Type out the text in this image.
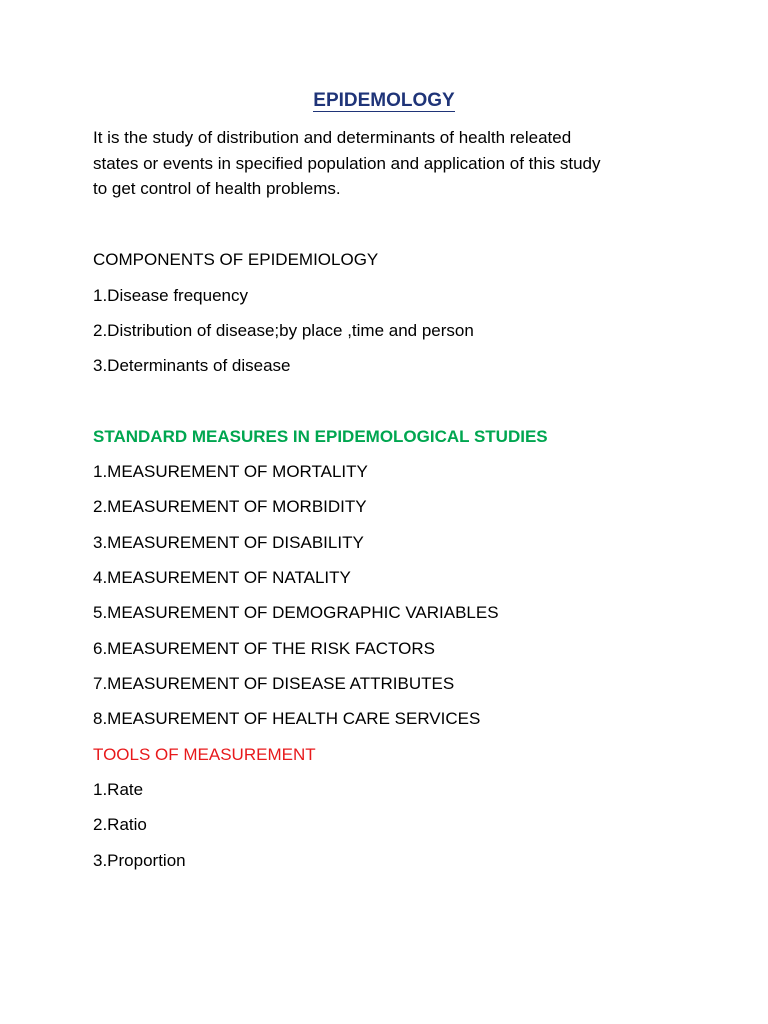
EPIDEMOLOGY
It is the study of distribution and determinants of health releated
states or events in specified population and application of this study
to get control of health problems.
COMPONENTS OF EPIDEMIOLOGY
1.Disease frequency
2.Distribution of disease;by place ,time and person
3.Determinants of disease
STANDARD MEASURES IN EPIDEMOLOGICAL STUDIES
1.MEASUREMENT OF MORTALITY
2.MEASUREMENT OF MORBIDITY
3.MEASUREMENT OF DISABILITY
4.MEASUREMENT OF NATALITY
5.MEASUREMENT OF DEMOGRAPHIC VARIABLES
6.MEASUREMENT OF THE RISK FACTORS
7.MEASUREMENT OF DISEASE ATTRIBUTES
8.MEASUREMENT OF HEALTH CARE SERVICES
TOOLS OF MEASUREMENT
1.Rate
2.Ratio
3.Proportion
